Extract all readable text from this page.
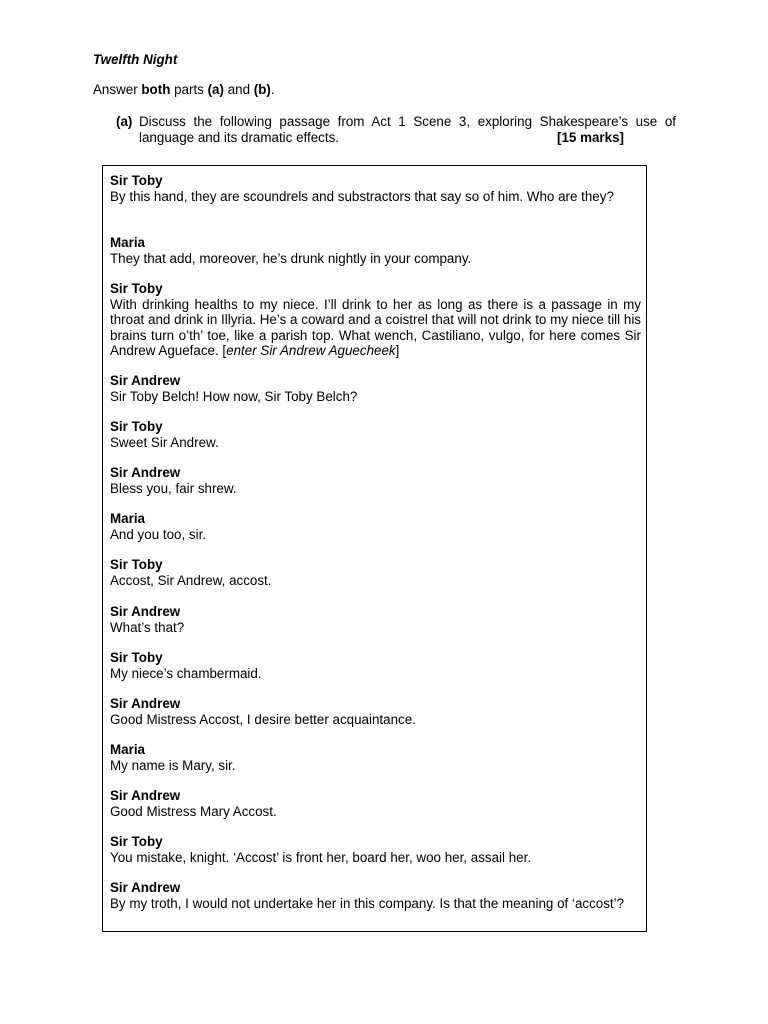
Twelfth Night
Answer both parts (a) and (b).
(a) Discuss the following passage from Act 1 Scene 3, exploring Shakespeare’s use of language and its dramatic effects.	[15 marks]
Sir Toby
By this hand, they are scoundrels and substractors that say so of him. Who are they?
Maria
They that add, moreover, he’s drunk nightly in your company.
Sir Toby
With drinking healths to my niece. I’ll drink to her as long as there is a passage in my throat and drink in Illyria. He’s a coward and a coistrel that will not drink to my niece till his brains turn o’th’ toe, like a parish top. What wench, Castiliano, vulgo, for here comes Sir Andrew Agueface. [enter Sir Andrew Aguecheek]
Sir Andrew
Sir Toby Belch! How now, Sir Toby Belch?
Sir Toby
Sweet Sir Andrew.
Sir Andrew
Bless you, fair shrew.
Maria
And you too, sir.
Sir Toby
Accost, Sir Andrew, accost.
Sir Andrew
What’s that?
Sir Toby
My niece’s chambermaid.
Sir Andrew
Good Mistress Accost, I desire better acquaintance.
Maria
My name is Mary, sir.
Sir Andrew
Good Mistress Mary Accost.
Sir Toby
You mistake, knight. ‘Accost’ is front her, board her, woo her, assail her.
Sir Andrew
By my troth, I would not undertake her in this company. Is that the meaning of ‘accost’?
